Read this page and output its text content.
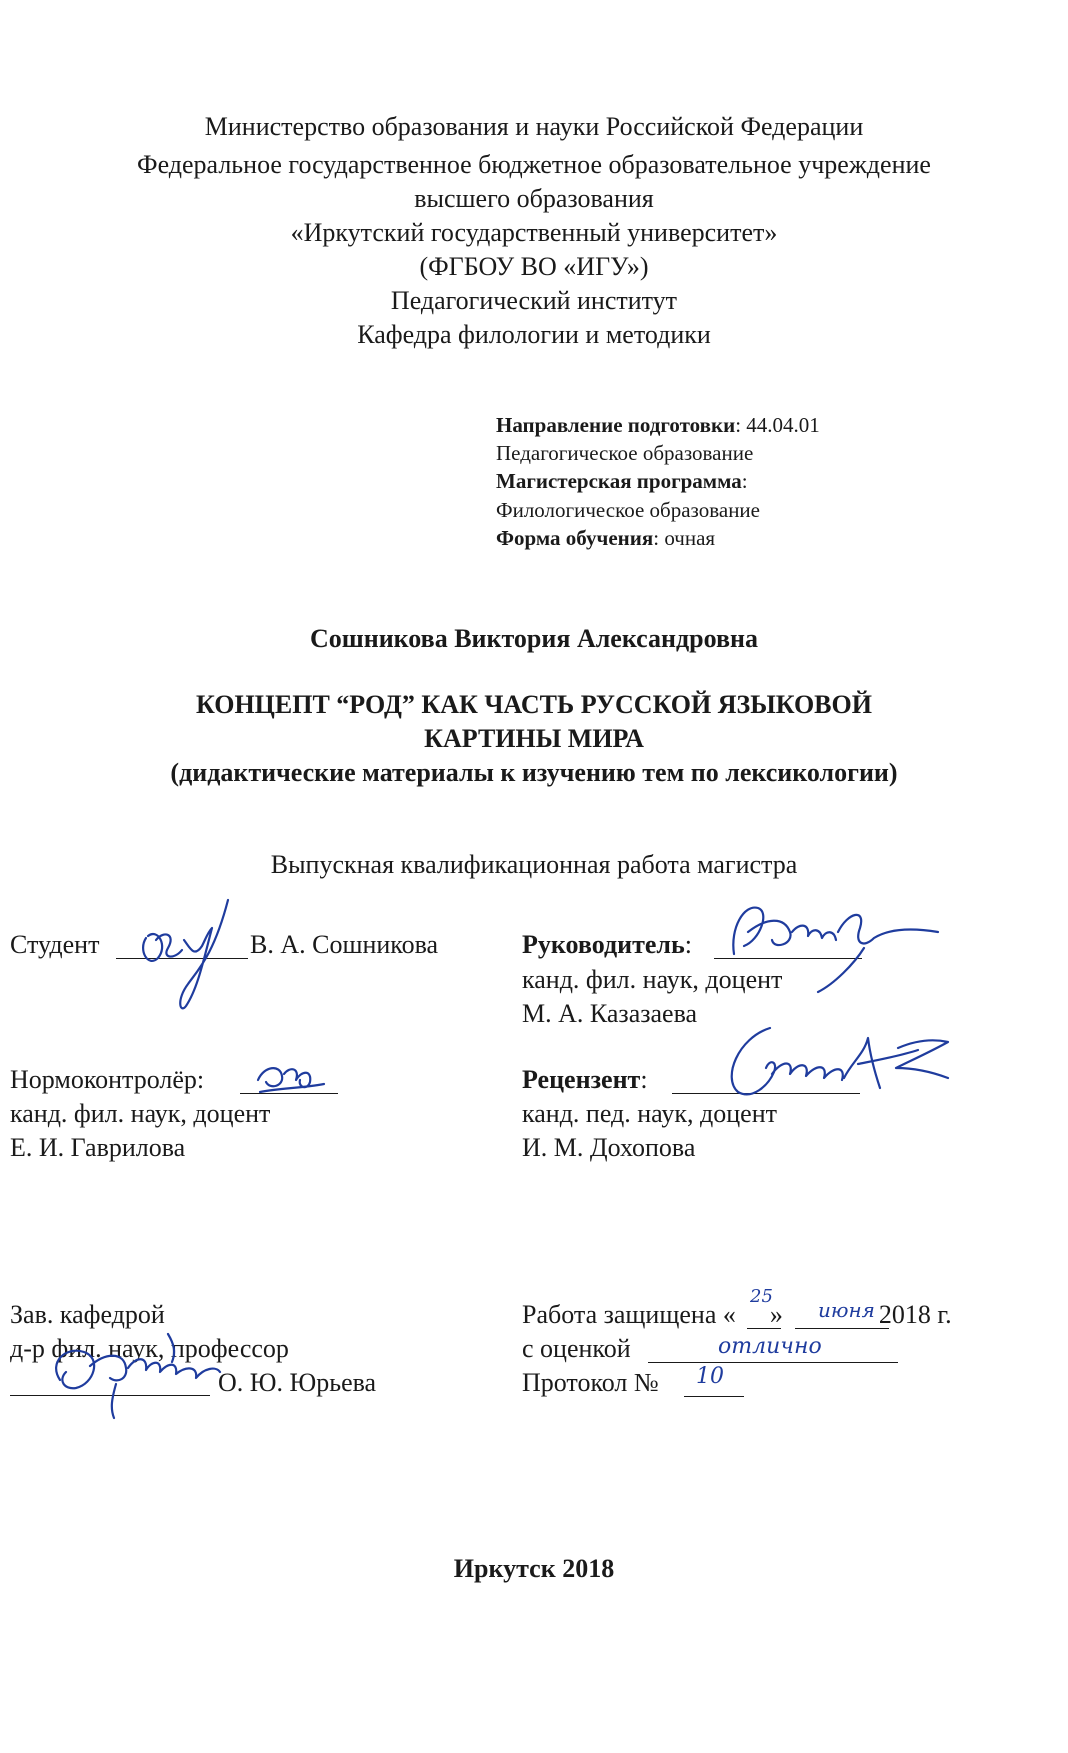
Министерство образования и науки Российской Федерации
Федеральное государственное бюджетное образовательное учреждение
высшего образования
«Иркутский государственный университет»
(ФГБОУ ВО «ИГУ»)
Педагогический институт
Кафедра филологии и методики
Направление подготовки: 44.04.01
Педагогическое образование
Магистерская программа:
Филологическое образование
Форма обучения: очная
Сошникова Виктория Александровна
КОНЦЕПТ “РОД” КАК ЧАСТЬ РУССКОЙ ЯЗЫКОВОЙ
КАРТИНЫ МИРА
(дидактические материалы к изучению тем по лексикологии)
Выпускная квалификационная работа магистра
Студент	В. А. Сошникова	Руководитель:
канд. фил. наук, доцент
М. А. Казазаева
Нормоконтролёр:
канд. фил. наук, доцент
Е. И. Гаврилова
Рецензент:
канд. пед. наук, доцент
И. М. Дохопова
Зав. кафедрой
д-р фил. наук, профессор
О. Ю. Юрьева
Работа защищена « »	2018 г.
25
июня
с оценкой	отлично
Протокол № 10
Иркутск 2018
